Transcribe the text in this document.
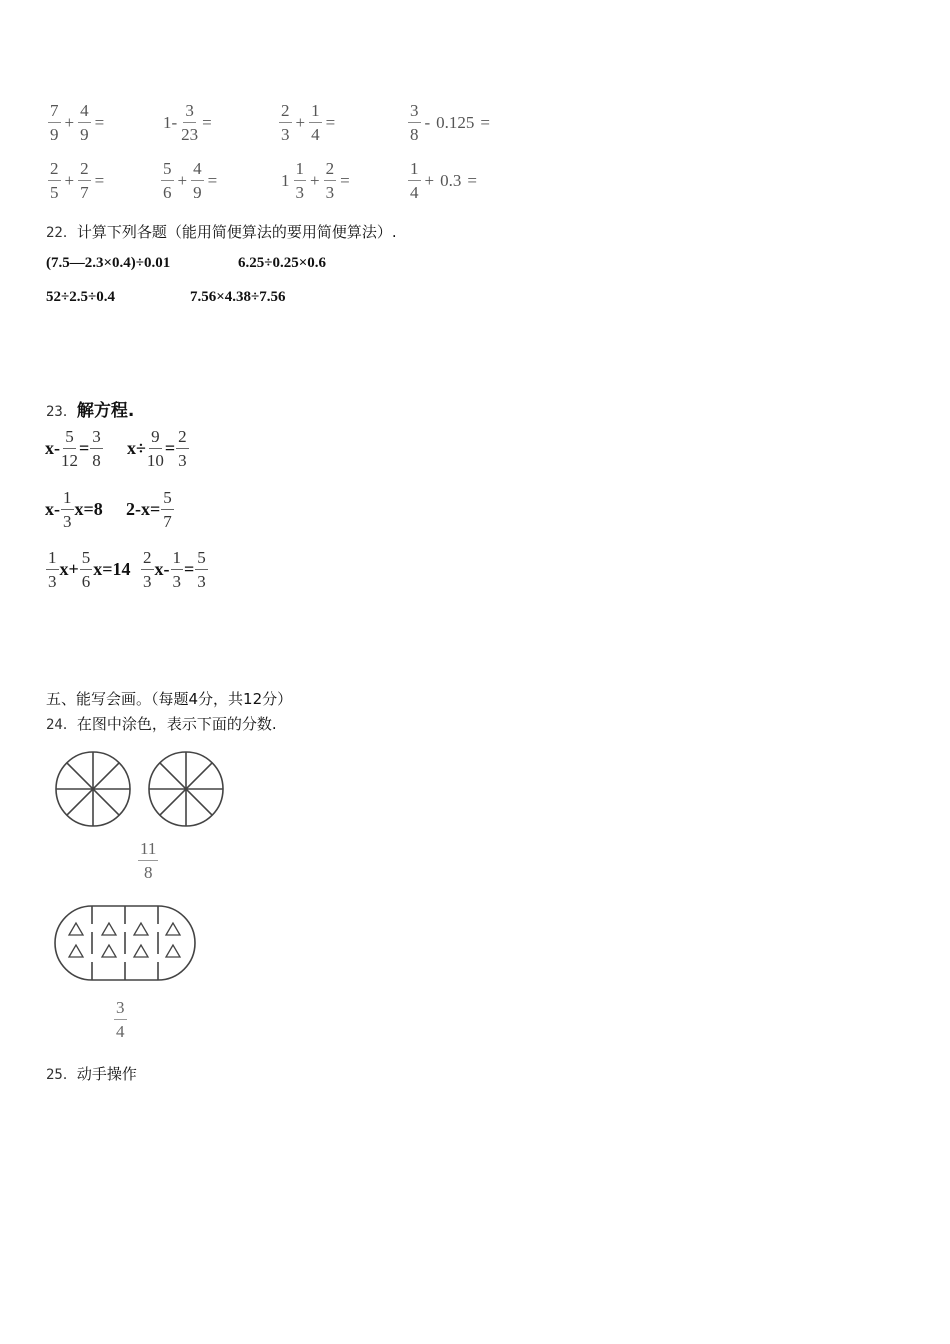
$\frac{7}{9} + \frac{4}{9}$ =	$1- \frac{3}{23}$ =	$\frac{2}{3} + \frac{1}{4}$ =	$\frac{3}{8} - 0.125$ =
$\frac{2}{5} + \frac{2}{7}$ =	$\frac{5}{6} + \frac{4}{9}$ =	$1 \frac{1}{3} + \frac{2}{3}$ =	$\frac{1}{4} + 0.3$ =
22．计算下列各题（能用简便算法的要用简便算法）.
(7.5—2.3×0.4)÷0.01	6.25÷0.25×0.6
52÷2.5÷0.4	7.56×4.38÷7.56
23．解方程.
$x- \frac{5}{12} = \frac{3}{8} x\div \frac{9}{10} = \frac{2}{3}$
$x- \frac{1}{3} x=8$ $2-x= \frac{5}{7}$
$\frac{1}{3} x+ \frac{5}{6} x=14 \frac{2}{3} x- \frac{1}{3} = \frac{5}{3}$
五、能写会画。（每题4分，共12分）
24．在图中涂色，表示下面的分数.
$\frac{11}{8}$
$\frac{3}{4}$
25．动手操作
